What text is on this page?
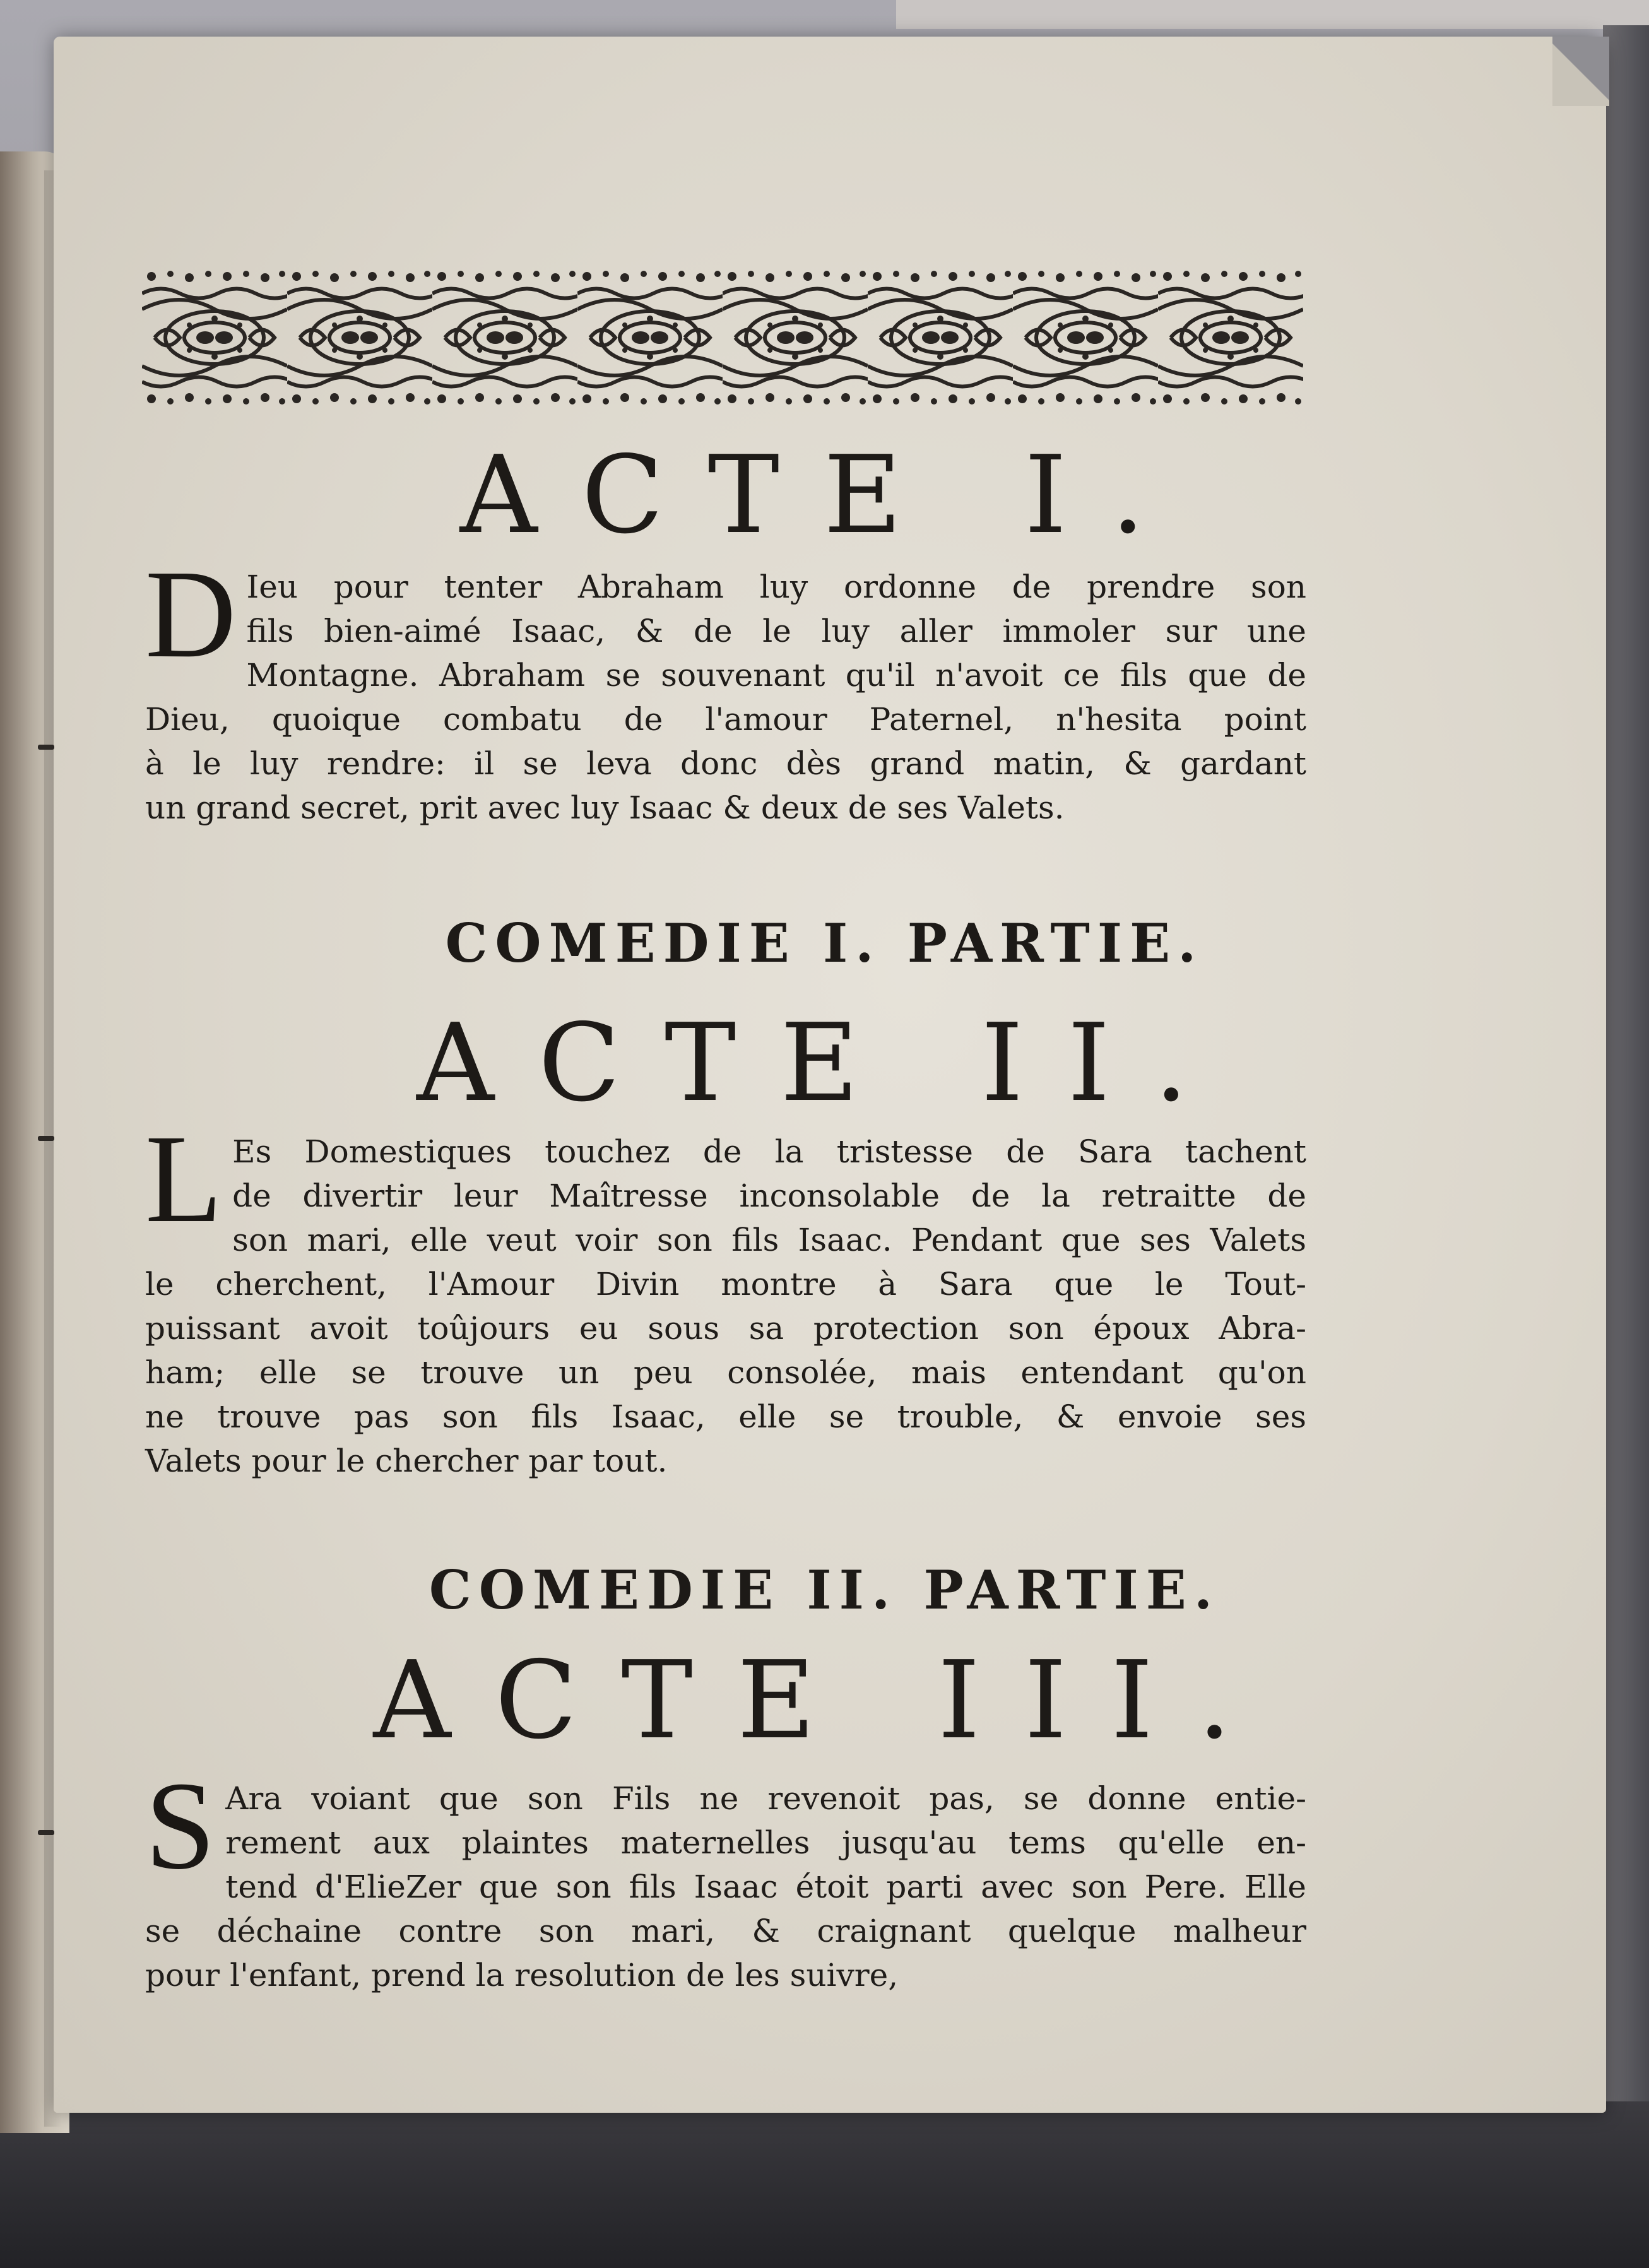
ACTE I.
D Ieu pour tenter Abraham luy ordonne de prendre son
fils bien-aimé Isaac, & de le luy aller immoler sur une
Montagne. Abraham se souvenant qu'il n'avoit ce fils que de
Dieu, quoique combatu de l'amour Paternel, n'hesita point
à le luy rendre: il se leva donc dès grand matin, & gardant
un grand secret, prit avec luy Isaac & deux de ses Valets.
COMEDIE I. PARTIE.
ACTE II.
L Es Domestiques touchez de la tristesse de Sara tachent
de divertir leur Maîtresse inconsolable de la retraitte de
son mari, elle veut voir son fils Isaac. Pendant que ses Valets
le cherchent, l'Amour Divin montre à Sara que le Tout-
puissant avoit toûjours eu sous sa protection son époux Abra-
ham; elle se trouve un peu consolée, mais entendant qu'on
ne trouve pas son fils Isaac, elle se trouble, & envoie ses
Valets pour le chercher par tout.
COMEDIE II. PARTIE.
ACTE III.
S Ara voiant que son Fils ne revenoit pas, se donne entie-
rement aux plaintes maternelles jusqu'au tems qu'elle en-
tend d'ElieZer que son fils Isaac étoit parti avec son Pere. Elle
se déchaine contre son mari, & craignant quelque malheur
pour l'enfant, prend la resolution de les suivre,
